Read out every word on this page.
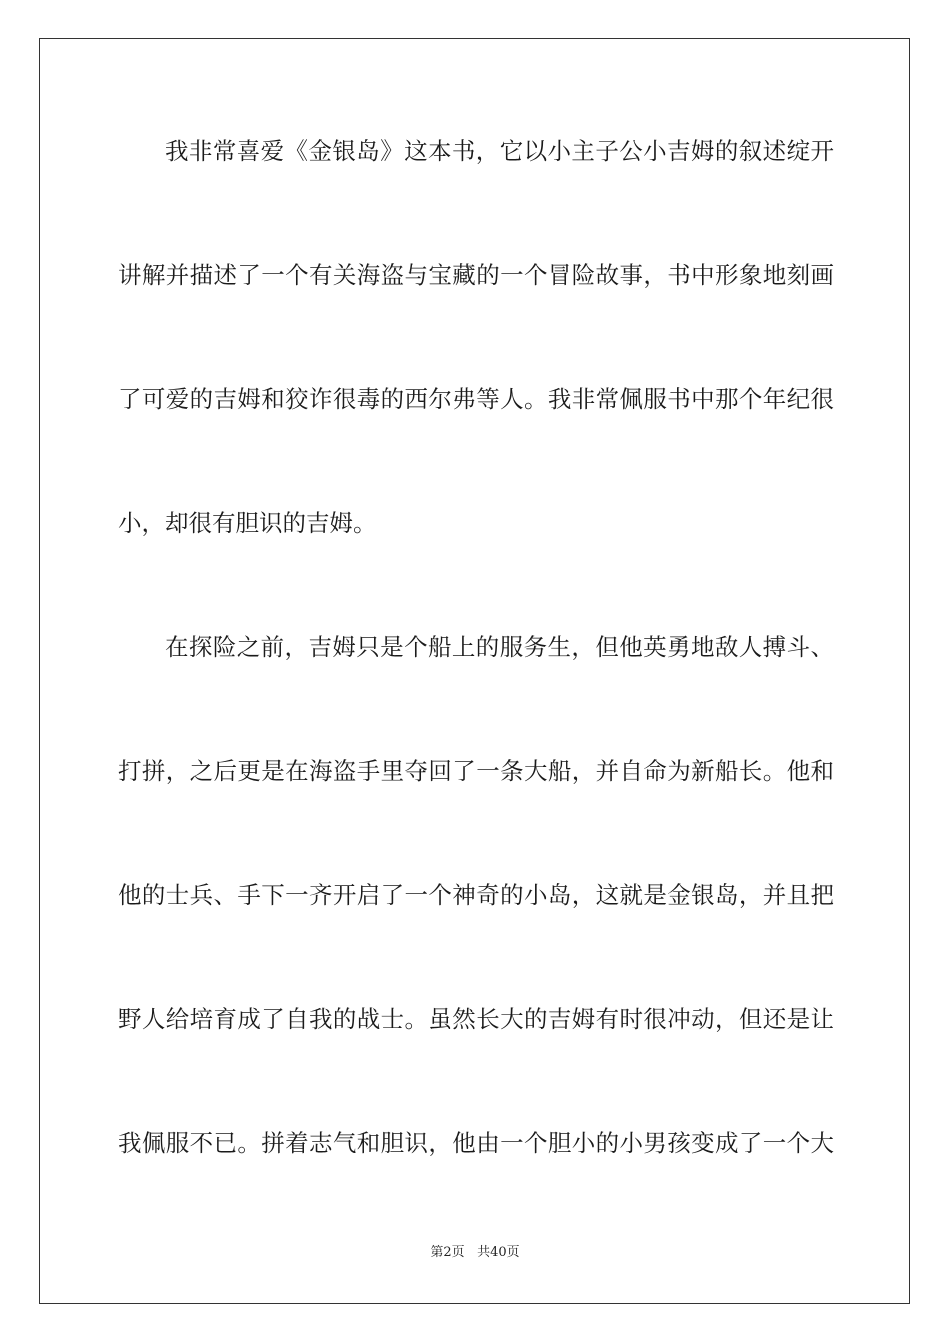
我非常喜爱《金银岛》这本书，它以小主子公小吉姆的叙述绽开
讲解并描述了一个有关海盗与宝藏的一个冒险故事，书中形象地刻画
了可爱的吉姆和狡诈很毒的西尔弗等人。我非常佩服书中那个年纪很
小，却很有胆识的吉姆。
在探险之前，吉姆只是个船上的服务生，但他英勇地敌人搏斗、
打拼，之后更是在海盗手里夺回了一条大船，并自命为新船长。他和
他的士兵、手下一齐开启了一个神奇的小岛，这就是金银岛，并且把
野人给培育成了自我的战士。虽然长大的吉姆有时很冲动，但还是让
我佩服不已。拼着志气和胆识，他由一个胆小的小男孩变成了一个大
第2页 共40页
